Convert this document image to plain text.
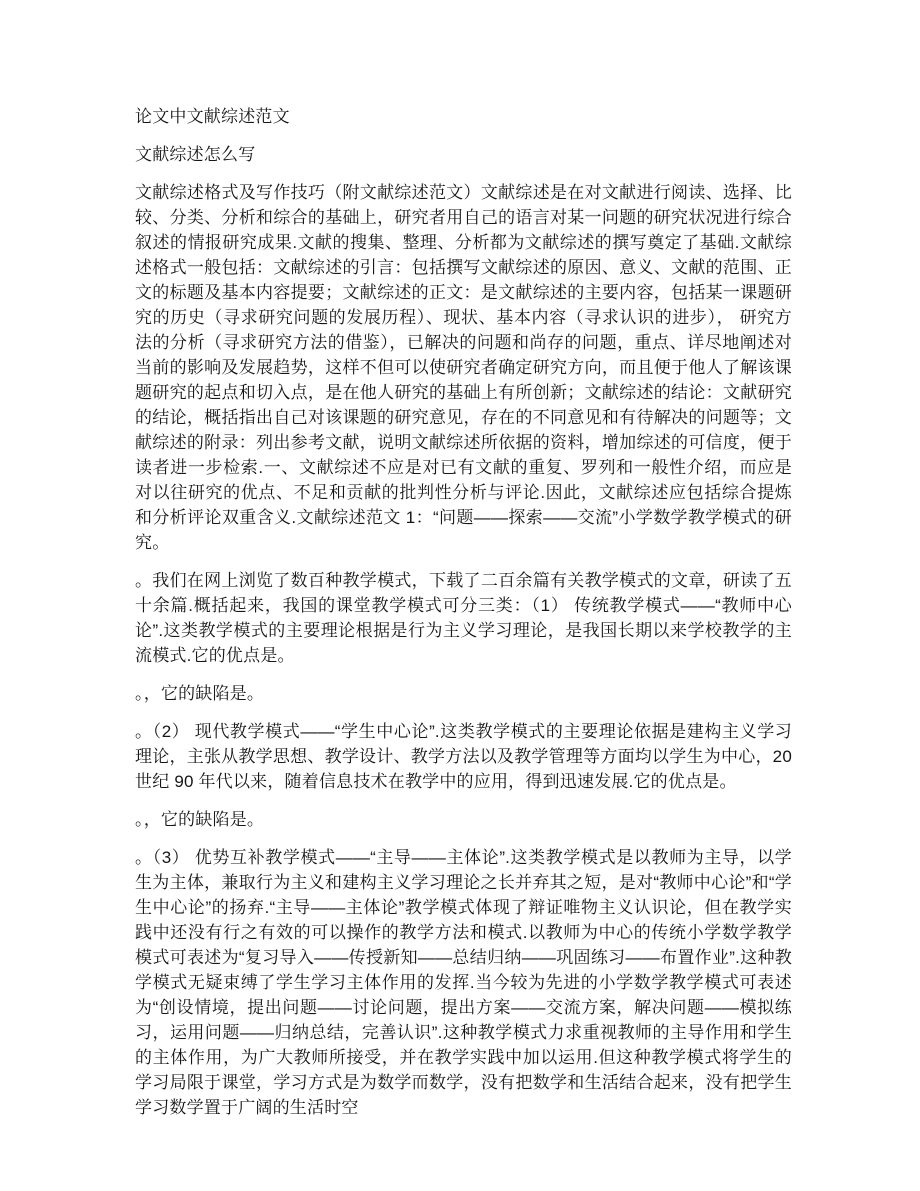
论文中文献综述范文

文献综述怎么写

文献综述格式及写作技巧（附文献综述范文）文献综述是在对文献进行阅读、选择、比较、分类、分析和综合的基础上，研究者用自己的语言对某一问题的研究状况进行综合叙述的情报研究成果.文献的搜集、整理、分析都为文献综述的撰写奠定了基础.文献综述格式一般包括：文献综述的引言：包括撰写文献综述的原因、意义、文献的范围、正文的标题及基本内容提要；文献综述的正文：是文献综述的主要内容，包括某一课题研究的历史（寻求研究问题的发展历程）、现状、基本内容（寻求认识的进步）， 研究方法的分析（寻求研究方法的借鉴），已解决的问题和尚存的问题，重点、详尽地阐述对当前的影响及发展趋势，这样不但可以使研究者确定研究方向，而且便于他人了解该课题研究的起点和切入点，是在他人研究的基础上有所创新；文献综述的结论：文献研究的结论，概括指出自己对该课题的研究意见，存在的不同意见和有待解决的问题等；文献综述的附录：列出参考文献，说明文献综述所依据的资料，增加综述的可信度，便于读者进一步检索.一、文献综述不应是对已有文献的重复、罗列和一般性介绍，而应是对以往研究的优点、不足和贡献的批判性分析与评论.因此，文献综述应包括综合提炼和分析评论双重含义.文献综述范文 1：“问题——探索——交流”小学数学教学模式的研究。

。我们在网上浏览了数百种教学模式，下载了二百余篇有关教学模式的文章，研读了五十余篇.概括起来，我国的课堂教学模式可分三类：（1） 传统教学模式——“教师中心论”.这类教学模式的主要理论根据是行为主义学习理论，是我国长期以来学校教学的主流模式.它的优点是。

。，它的缺陷是。

。（2） 现代教学模式——“学生中心论”.这类教学模式的主要理论依据是建构主义学习理论，主张从教学思想、教学设计、教学方法以及教学管理等方面均以学生为中心，20 世纪 90 年代以来，随着信息技术在教学中的应用，得到迅速发展.它的优点是。

。，它的缺陷是。

。（3） 优势互补教学模式——“主导——主体论”.这类教学模式是以教师为主导，以学生为主体，兼取行为主义和建构主义学习理论之长并弃其之短，是对“教师中心论”和“学生中心论”的扬弃.“主导——主体论”教学模式体现了辩证唯物主义认识论，但在教学实践中还没有行之有效的可以操作的教学方法和模式.以教师为中心的传统小学数学教学模式可表述为“复习导入——传授新知——总结归纳——巩固练习——布置作业”.这种教学模式无疑束缚了学生学习主体作用的发挥.当今较为先进的小学数学教学模式可表述为“创设情境，提出问题——讨论问题，提出方案——交流方案，解决问题——模拟练习，运用问题——归纳总结，完善认识”.这种教学模式力求重视教师的主导作用和学生的主体作用，为广大教师所接受，并在教学实践中加以运用.但这种教学模式将学生的学习局限于课堂，学习方式是为数学而数学，没有把数学和生活结合起来，没有把学生学习数学置于广阔的生活时空
